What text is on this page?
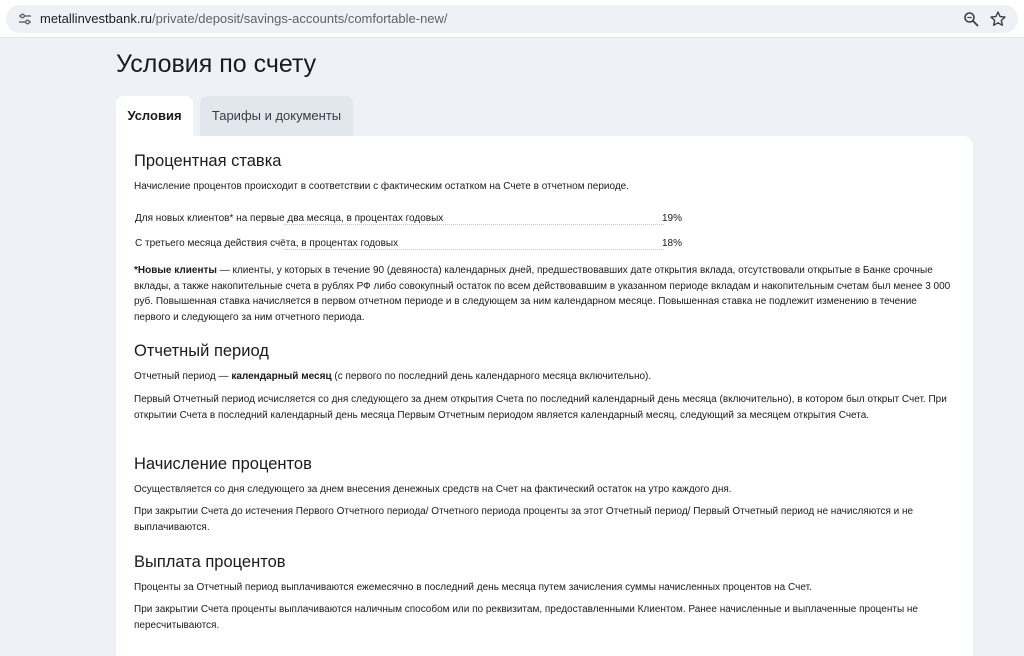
metallinvestbank.ru/private/deposit/savings-accounts/comfortable-new/
Условия по счету
Условия	Тарифы и документы
Процентная ставка

Начисление процентов происходит в соответствии с фактическим остатком на Счете в отчетном периоде.

Для новых клиентов* на первые два месяца, в процентах годовых	19%
С третьего месяца действия счёта, в процентах годовых	18%

*Новые клиенты — клиенты, у которых в течение 90 (девяноста) календарных дней, предшествовавших дате открытия вклада, отсутствовали открытые в Банке срочные вклады, а также накопительные счета в рублях РФ либо совокупный остаток по всем действовавшим в указанном периоде вкладам и накопительным счетам был менее 3 000 руб. Повышенная ставка начисляется в первом отчетном периоде и в следующем за ним календарном месяце. Повышенная ставка не подлежит изменению в течение первого и следующего за ним отчетного периода.

Отчетный период

Отчетный период — календарный месяц (с первого по последний день календарного месяца включительно).

Первый Отчетный период исчисляется со дня следующего за днем открытия Счета по последний календарный день месяца (включительно), в котором был открыт Счет. При открытии Счета в последний календарный день месяца Первым Отчетным периодом является календарный месяц, следующий за месяцем открытия Счета.

Начисление процентов

Осуществляется со дня следующего за днем внесения денежных средств на Счет на фактический остаток на утро каждого дня.

При закрытии Счета до истечения Первого Отчетного периода/ Отчетного периода проценты за этот Отчетный период/ Первый Отчетный период не начисляются и не выплачиваются.

Выплата процентов

Проценты за Отчетный период выплачиваются ежемесячно в последний день месяца путем зачисления суммы начисленных процентов на Счет.

При закрытии Счета проценты выплачиваются наличным способом или по реквизитам, предоставленными Клиентом. Ранее начисленные и выплаченные проценты не пересчитываются.
